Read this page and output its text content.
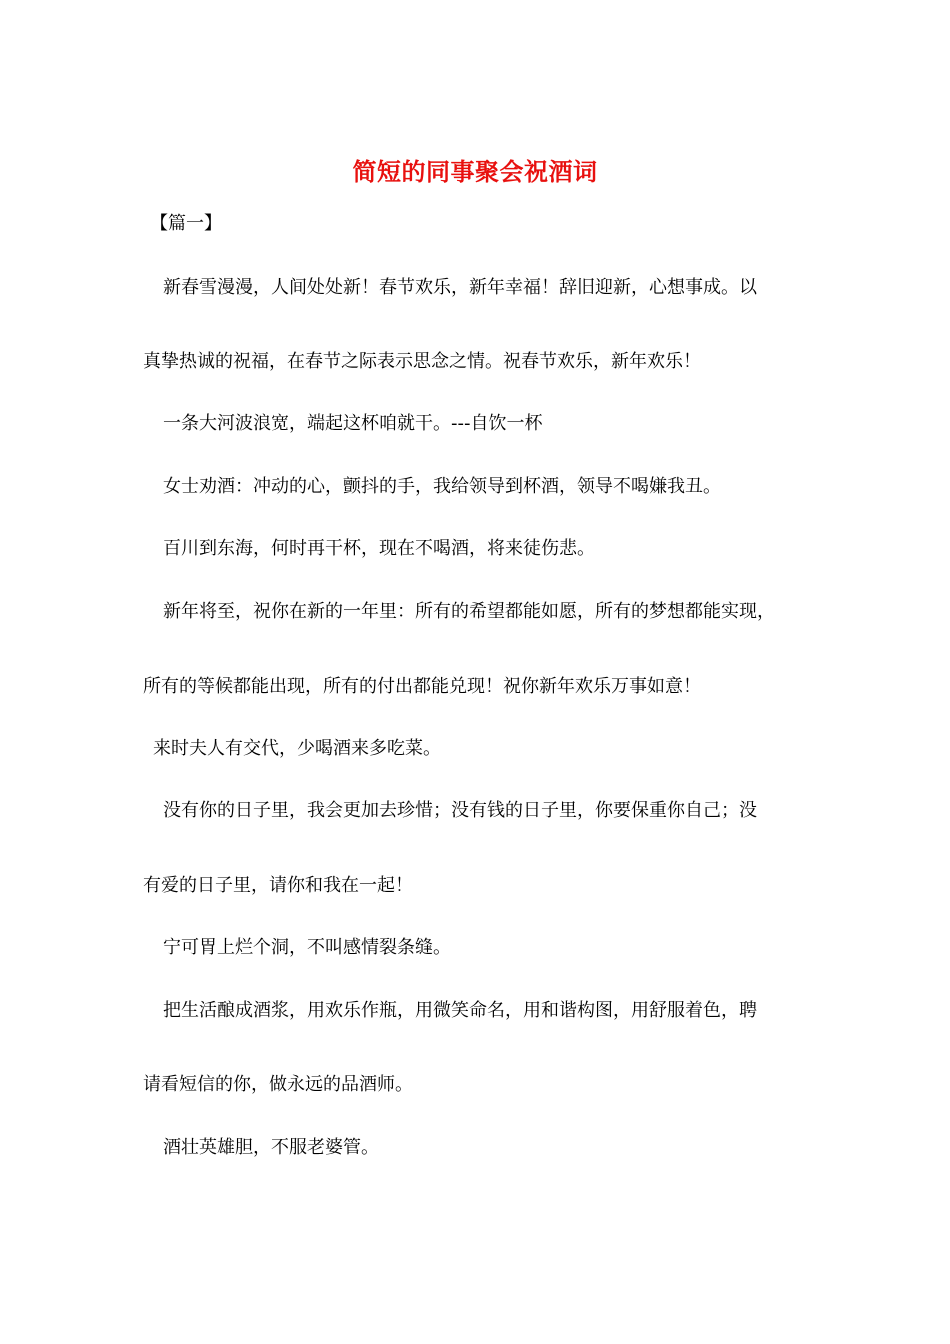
简短的同事聚会祝酒词
【篇一】
新春雪漫漫，人间处处新！春节欢乐，新年幸福！辞旧迎新，心想事成。以
真挚热诚的祝福，在春节之际表示思念之情。祝春节欢乐，新年欢乐！
一条大河波浪宽，端起这杯咱就干。---自饮一杯
女士劝酒：冲动的心，颤抖的手，我给领导到杯酒，领导不喝嫌我丑。
百川到东海，何时再干杯，现在不喝酒，将来徒伤悲。
新年将至，祝你在新的一年里：所有的希望都能如愿，所有的梦想都能实现，
所有的等候都能出现，所有的付出都能兑现！祝你新年欢乐万事如意！
来时夫人有交代，少喝酒来多吃菜。
没有你的日子里，我会更加去珍惜；没有钱的日子里，你要保重你自己；没
有爱的日子里，请你和我在一起！
宁可胃上烂个洞，不叫感情裂条缝。
把生活酿成酒浆，用欢乐作瓶，用微笑命名，用和谐构图，用舒服着色，聘
请看短信的你，做永远的品酒师。
酒壮英雄胆，不服老婆管。
